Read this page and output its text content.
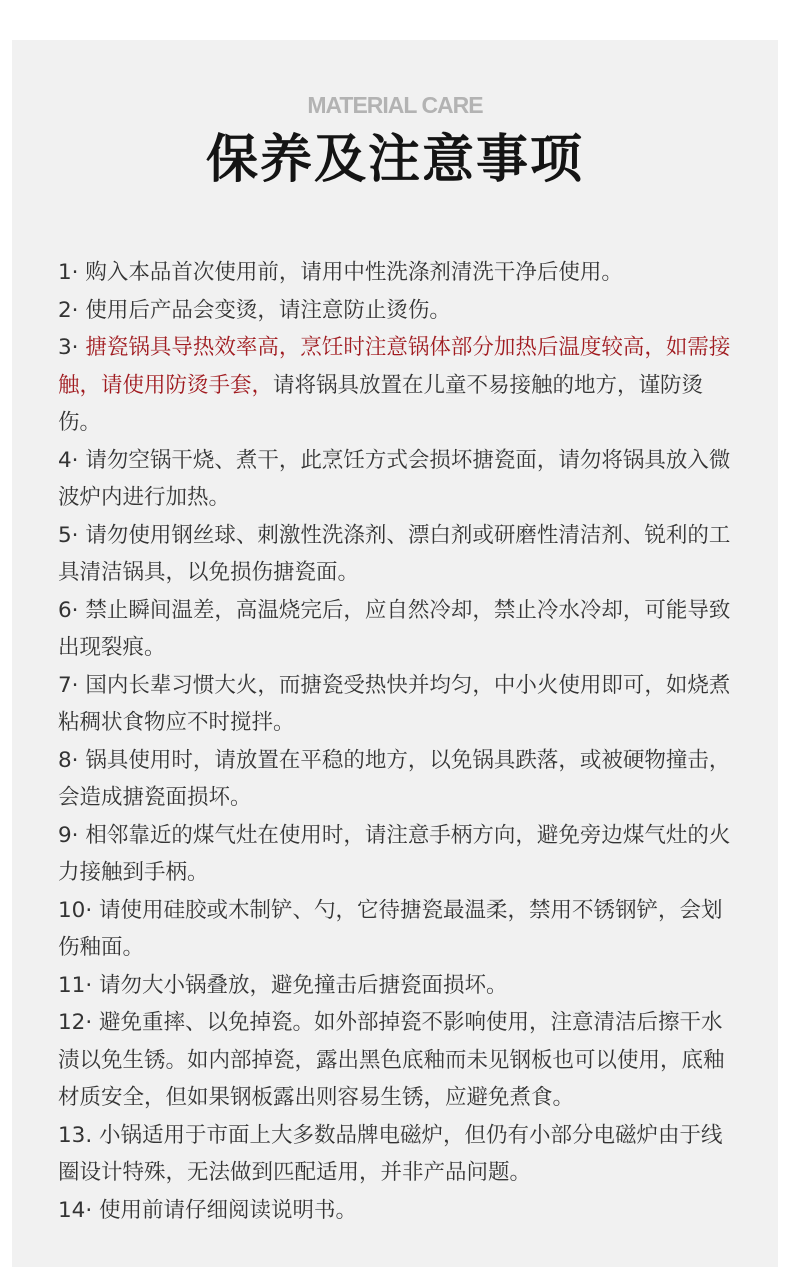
MATERIAL CARE
保养及注意事项
1· 购入本品首次使用前，请用中性洗涤剂清洗干净后使用。
2· 使用后产品会变烫，请注意防止烫伤。
3· 搪瓷锅具导热效率高，烹饪时注意锅体部分加热后温度较高，如需接触，请使用防烫手套，请将锅具放置在儿童不易接触的地方，谨防烫伤。
4· 请勿空锅干烧、煮干，此烹饪方式会损坏搪瓷面，请勿将锅具放入微波炉内进行加热。
5· 请勿使用钢丝球、刺激性洗涤剂、漂白剂或研磨性清洁剂、锐利的工具清洁锅具，以免损伤搪瓷面。
6· 禁止瞬间温差，高温烧完后，应自然冷却，禁止冷水冷却，可能导致出现裂痕。
7· 国内长辈习惯大火，而搪瓷受热快并均匀，中小火使用即可，如烧煮粘稠状食物应不时搅拌。
8· 锅具使用时，请放置在平稳的地方，以免锅具跌落，或被硬物撞击，会造成搪瓷面损坏。
9· 相邻靠近的煤气灶在使用时，请注意手柄方向，避免旁边煤气灶的火力接触到手柄。
10· 请使用硅胶或木制铲、勺，它待搪瓷最温柔，禁用不锈钢铲，会划伤釉面。
11· 请勿大小锅叠放，避免撞击后搪瓷面损坏。
12· 避免重摔、以免掉瓷。如外部掉瓷不影响使用，注意清洁后擦干水渍以免生锈。如内部掉瓷，露出黑色底釉而未见钢板也可以使用，底釉材质安全，但如果钢板露出则容易生锈，应避免煮食。
13. 小锅适用于市面上大多数品牌电磁炉，但仍有小部分电磁炉由于线圈设计特殊，无法做到匹配适用，并非产品问题。
14· 使用前请仔细阅读说明书。
